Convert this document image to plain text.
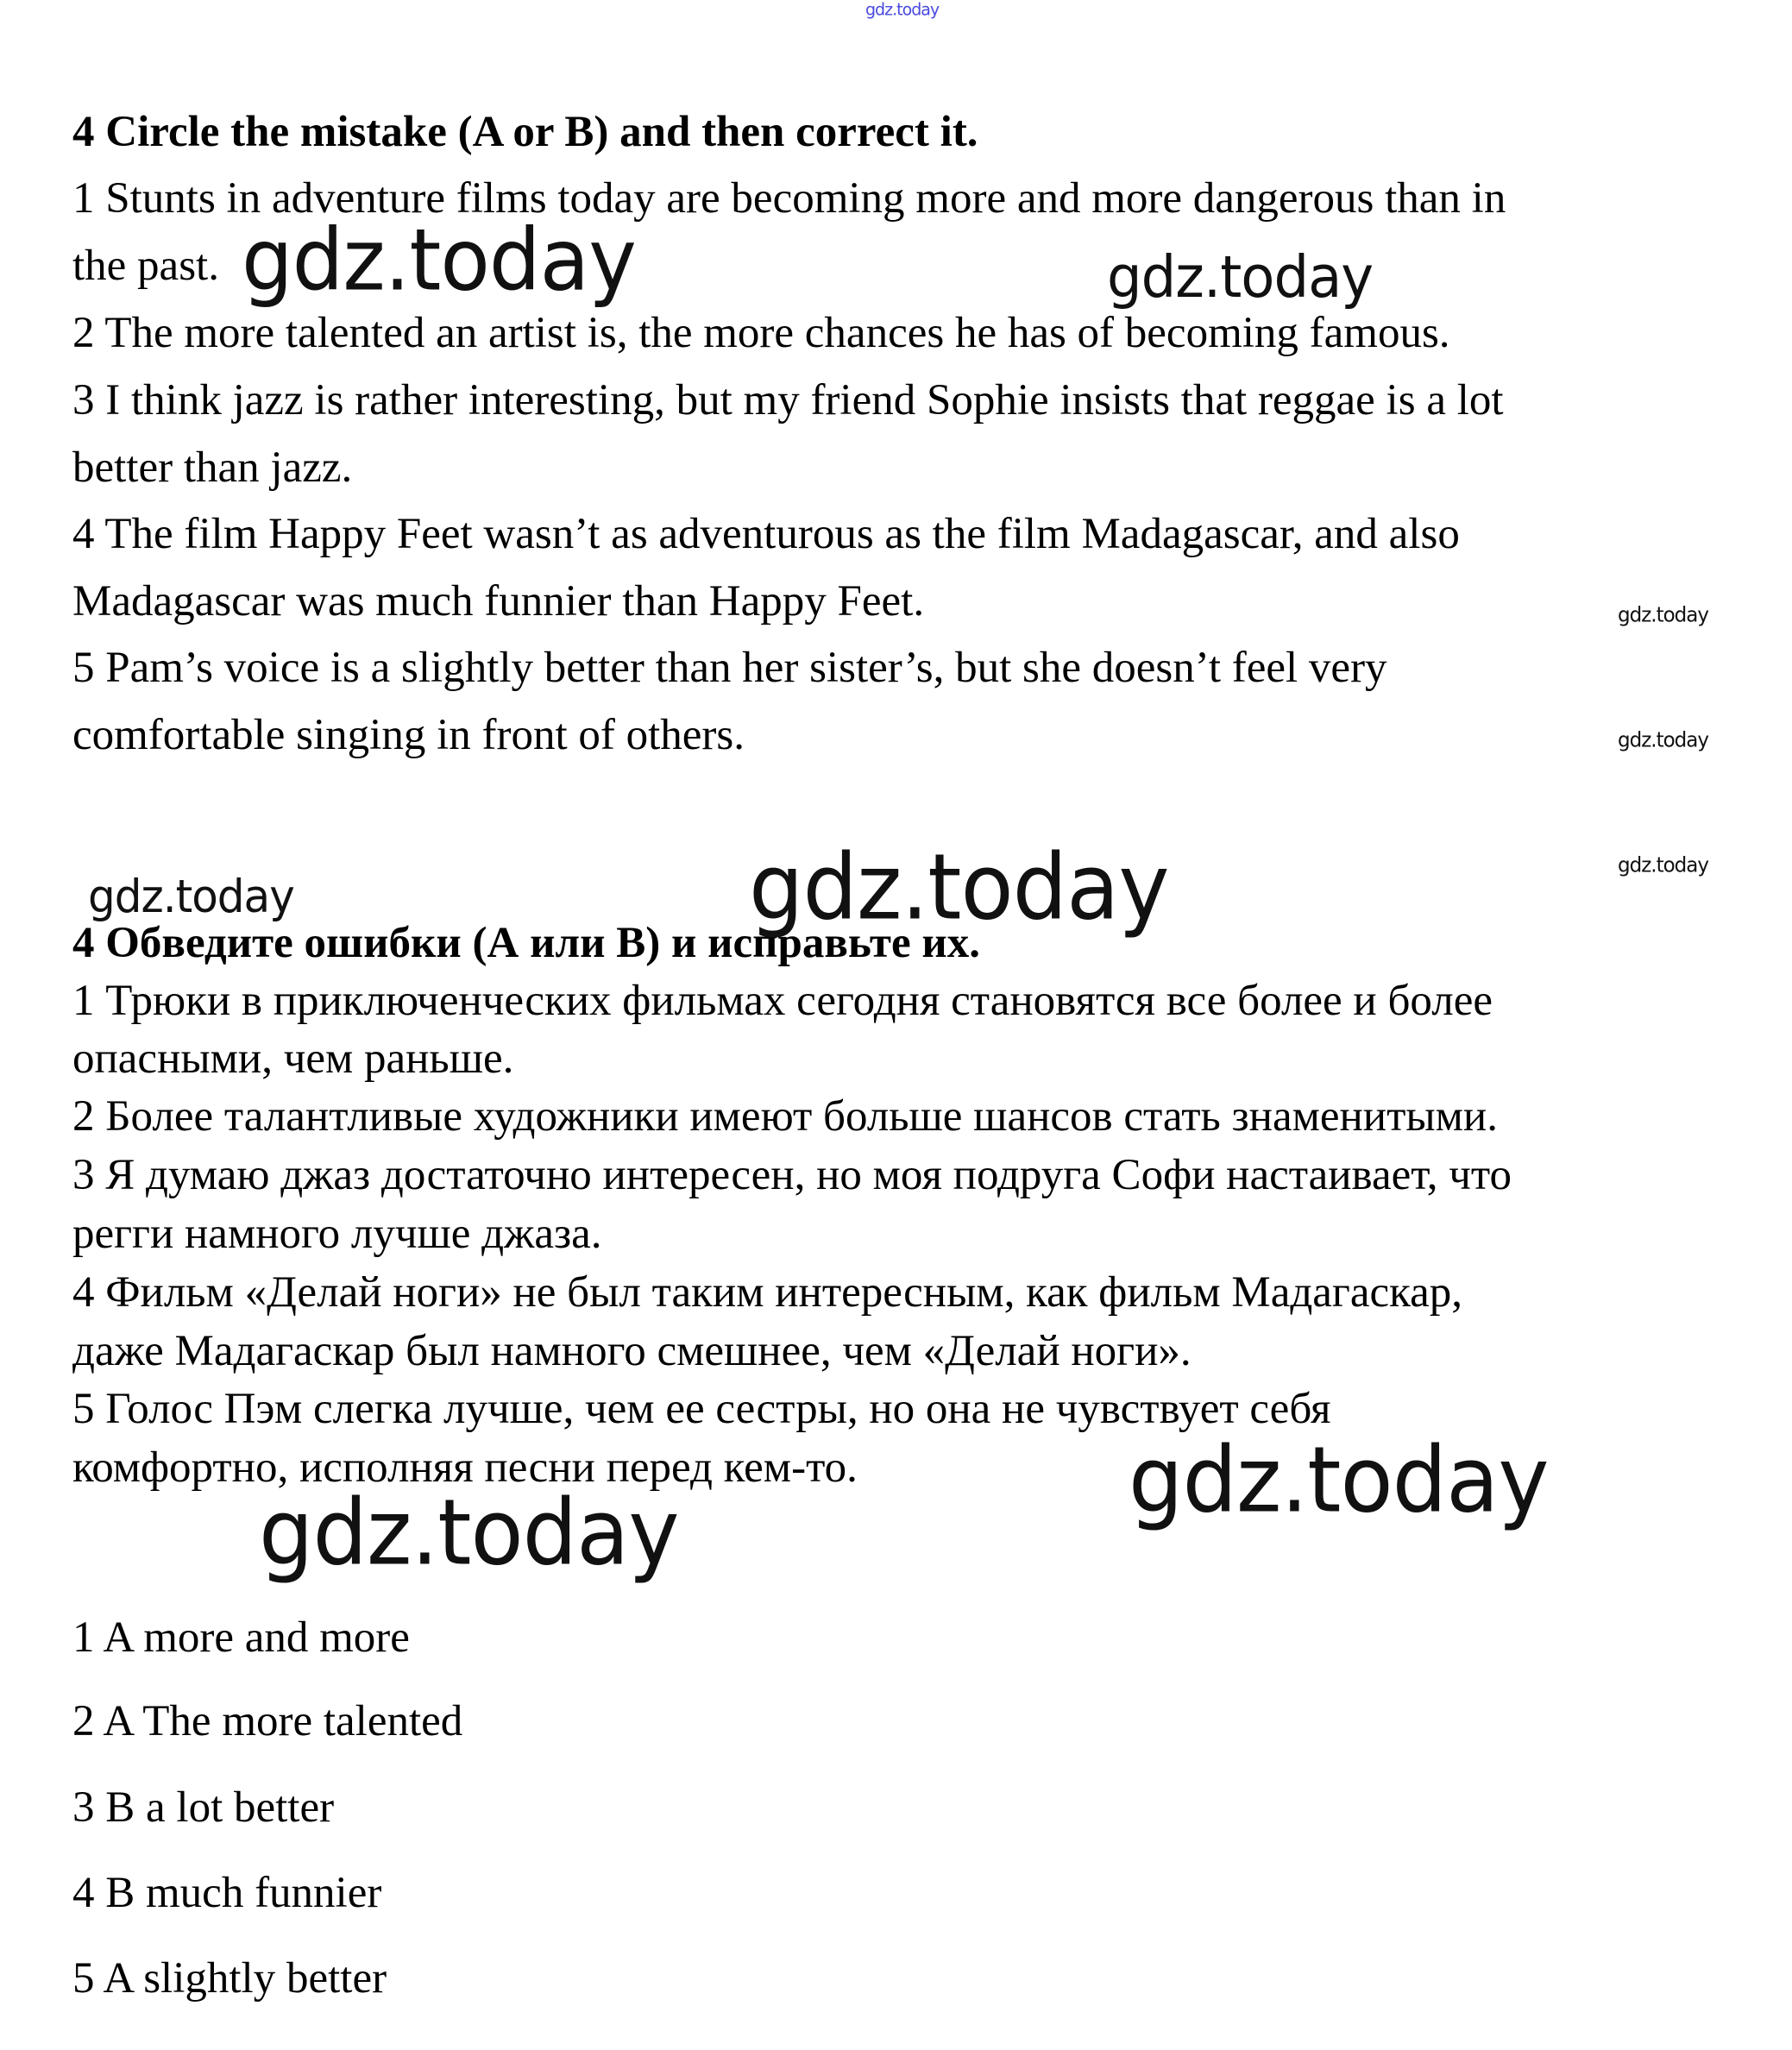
gdz.today
4 Circle the mistake (A or B) and then correct it.
1 Stunts in adventure films today are becoming more and more dangerous than in
the past.
2 The more talented an artist is, the more chances he has of becoming famous.
3 I think jazz is rather interesting, but my friend Sophie insists that reggae is a lot
better than jazz.
4 The film Happy Feet wasn’t as adventurous as the film Madagascar, and also
Madagascar was much funnier than Happy Feet.
5 Pam’s voice is a slightly better than her sister’s, but she doesn’t feel very
comfortable singing in front of others.
4 Обведите ошибки (А или В) и исправьте их.
1 Трюки в приключенческих фильмах сегодня становятся все более и более
опасными, чем раньше.
2 Более талантливые художники имеют больше шансов стать знаменитыми.
3 Я думаю джаз достаточно интересен, но моя подруга Софи настаивает, что
регги намного лучше джаза.
4 Фильм «Делай ноги» не был таким интересным, как фильм Мадагаскар,
даже Мадагаскар был намного смешнее, чем «Делай ноги».
5 Голос Пэм слегка лучше, чем ее сестры, но она не чувствует себя
комфортно, исполняя песни перед кем-то.
1 A more and more
2 A The more talented
3 B a lot better
4 B much funnier
5 A slightly better
gdz.today	gdz.today
gdz.today
gdz.today
gdz.today
gdz.today	gdz.today
gdz.today
gdz.today
